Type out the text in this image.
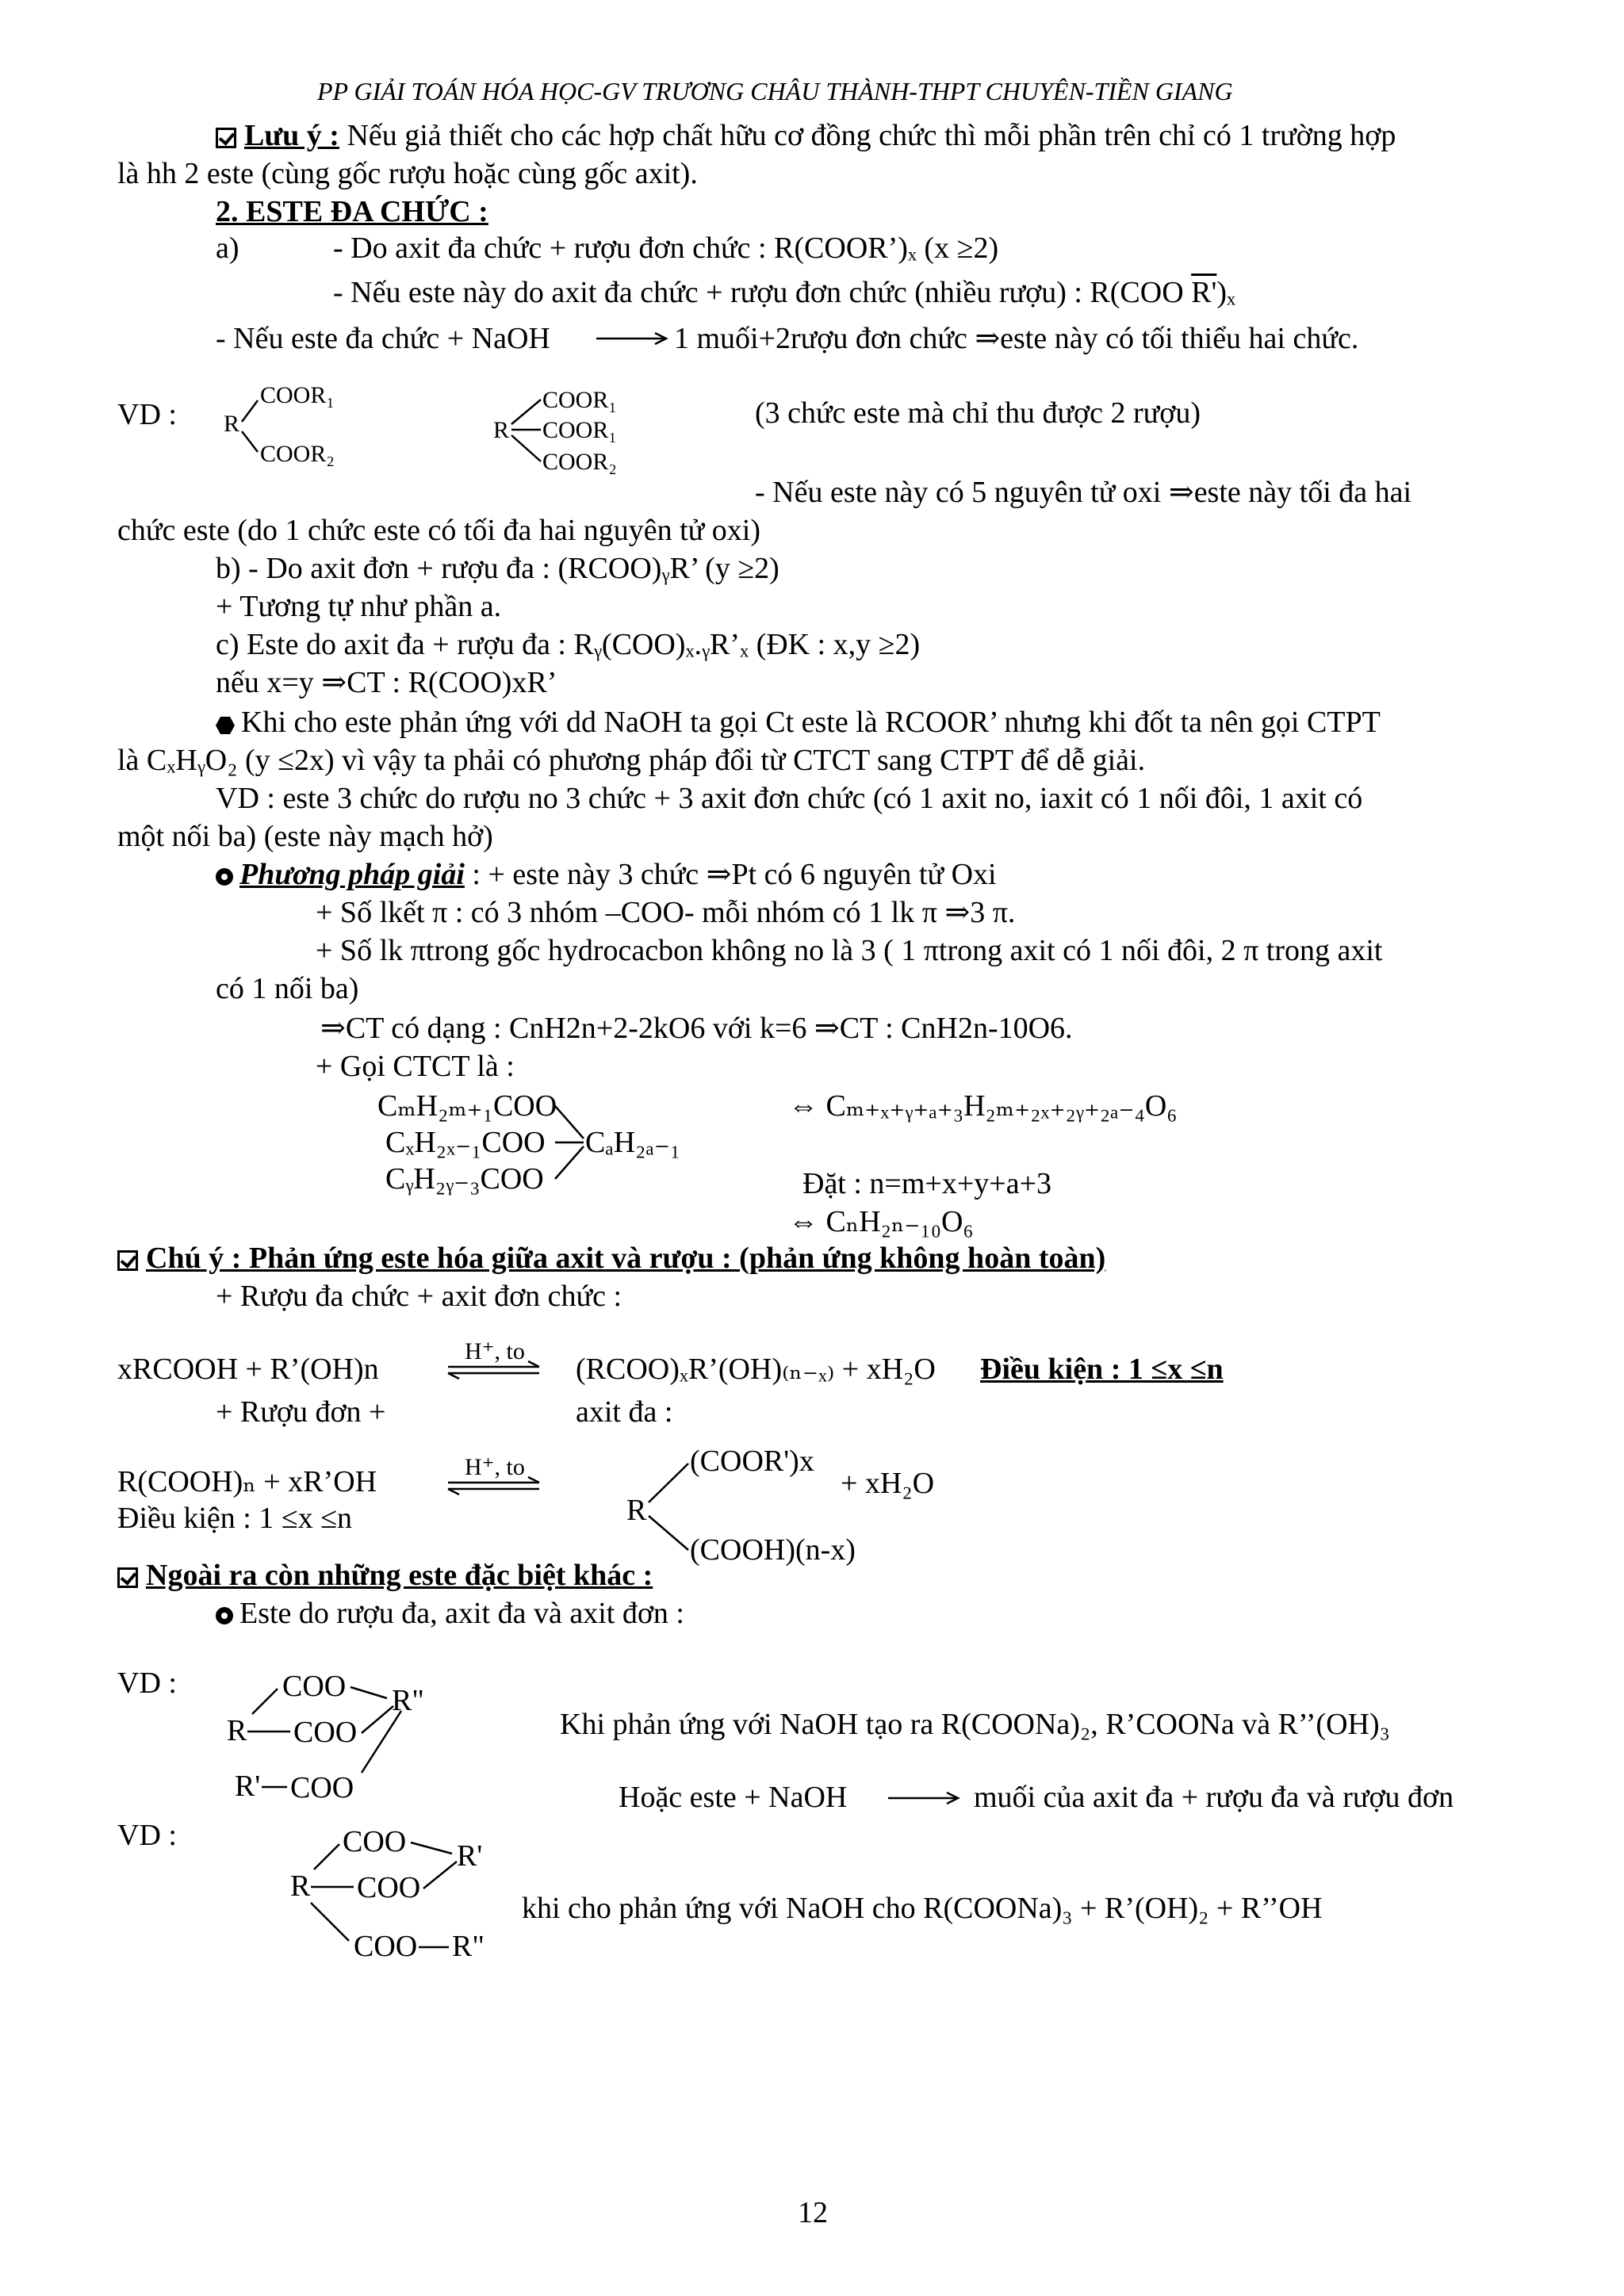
PP GIẢI TOÁN HÓA HỌC-GV TRƯƠNG CHÂU THÀNH-THPT CHUYÊN-TIỀN GIANG
Lưu ý : Nếu giả thiết cho các hợp chất hữu cơ đồng chức thì mỗi phần trên chỉ có 1 trường hợp
là hh 2 este (cùng gốc rượu hoặc cùng gốc axit).
2. ESTE ĐA CHỨC :
a)	- Do axit đa chức + rượu đơn chức : R(COOR’)ₓ (x ≥2)
- Nếu este này do axit đa chức + rượu đơn chức (nhiều rượu) : R(COO R')ₓ
- Nếu este đa chức + NaOH	1 muối+2rượu đơn chức ⇒este này có tối thiểu hai chức.
VD : R
COOR₁
COOR₂
R
COOR₁
COOR₁
COOR₂
(3 chức este mà chỉ thu được 2 rượu)
- Nếu este này có 5 nguyên tử oxi ⇒este này tối đa hai
chức este (do 1 chức este có tối đa hai nguyên tử oxi)
b) - Do axit đơn + rượu đa : (RCOO)ᵧR’ (y ≥2)
+ Tương tự như phần a.
c) Este do axit đa + rượu đa : Rᵧ(COO)ₓ.ᵧR’ₓ (ĐK : x,y ≥2)
nếu x=y ⇒CT : R(COO)xR’
Khi cho este phản ứng với dd NaOH ta gọi Ct este là RCOOR’ nhưng khi đốt ta nên gọi CTPT
là CₓHᵧO₂ (y ≤2x) vì vậy ta phải có phương pháp đổi từ CTCT sang CTPT để dễ giải.
VD : este 3 chức do rượu no 3 chức + 3 axit đơn chức (có 1 axit no, iaxit có 1 nối đôi, 1 axit có
một nối ba) (este này mạch hở)
Phương pháp giải : + este này 3 chức ⇒Pt có 6 nguyên tử Oxi
+ Số lkết π : có 3 nhóm –COO- mỗi nhóm có 1 lk π ⇒3 π.
+ Số lk πtrong gốc hydrocacbon không no là 3 ( 1 πtrong axit có 1 nối đôi, 2 π trong axit
có 1 nối ba)
⇒CT có dạng : CnH2n+2-2kO6 với k=6 ⇒CT : CnH2n-10O6.
+ Gọi CTCT là :
CₘH₂ₘ₊₁COO
CₓH₂ₓ₋₁COO
CᵧH₂ᵧ₋₃COO
CₐH₂ₐ₋₁
⇔ Cₘ₊ₓ₊ᵧ₊ₐ₊₃H₂ₘ₊₂ₓ₊₂ᵧ₊₂ₐ₋₄O₆
Đặt : n=m+x+y+a+3
⇔ CₙH₂ₙ₋₁₀O₆
Chú ý : Phản ứng este hóa giữa axit và rượu : (phản ứng không hoàn toàn)
+ Rượu đa chức + axit đơn chức :
xRCOOH + R’(OH)n
H⁺, to
(RCOO)ₓR’(OH)₍ₙ₋ₓ₎ + xH₂O Điều kiện : 1 ≤x ≤n
+ Rượu đơn +	axit đa :
R(COOH)ₙ + xR’OH	H⁺, to
Điều kiện : 1 ≤x ≤n	R
(COOR')x
(COOH)(n-x)
+ xH₂O
Ngoài ra còn những este đặc biệt khác :
Este do rượu đa, axit đa và axit đơn :
VD :	COO R"
R COO
R' COO
Khi phản ứng với NaOH tạo ra R(COONa)₂, R’COONa và R’’(OH)₃
Hoặc este + NaOH	muối của axit đa + rượu đa và rượu đơn
VD :	COO R'
R COO
COO R"
khi cho phản ứng với NaOH cho R(COONa)₃ + R’(OH)₂ + R’’OH
12
